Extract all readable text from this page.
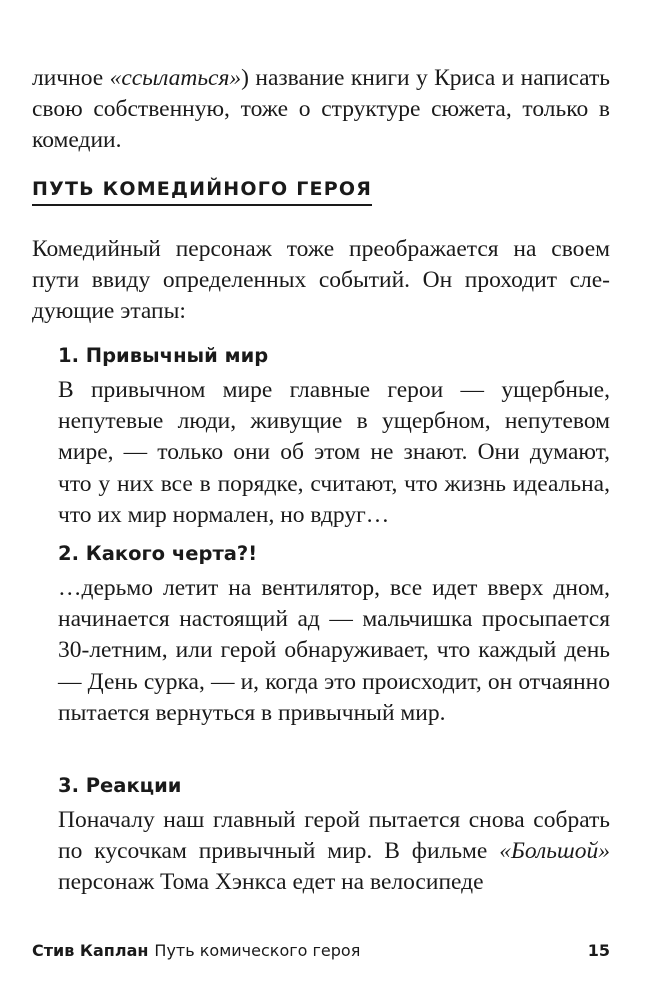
личное «ссылаться») название книги у Криса и написать свою собственную, тоже о структуре сюжета, только в комедии.

ПУТЬ КОМЕДИЙНОГО ГЕРОЯ

Комедийный персонаж тоже преображается на своем пути ввиду определенных событий. Он проходит следующие этапы:

1. Привычный мир

В привычном мире главные герои — ущербные, непутевые люди, живущие в ущербном, непутевом мире, — только они об этом не знают. Они думают, что у них все в порядке, считают, что жизнь идеальна, что их мир нормален, но вдруг…

2. Какого черта?!

…дерьмо летит на вентилятор, все идет вверх дном, начинается настоящий ад — мальчишка просыпается 30-летним, или герой обнаруживает, что каждый день — День сурка, — и, когда это происходит, он отчаянно пытается вернуться в привычный мир.

3. Реакции

Поначалу наш главный герой пытается снова собрать по кусочкам привычный мир. В фильме «Большой» персонаж Тома Хэнкса едет на велосипеде

Стив Каплан Путь комического героя	15
